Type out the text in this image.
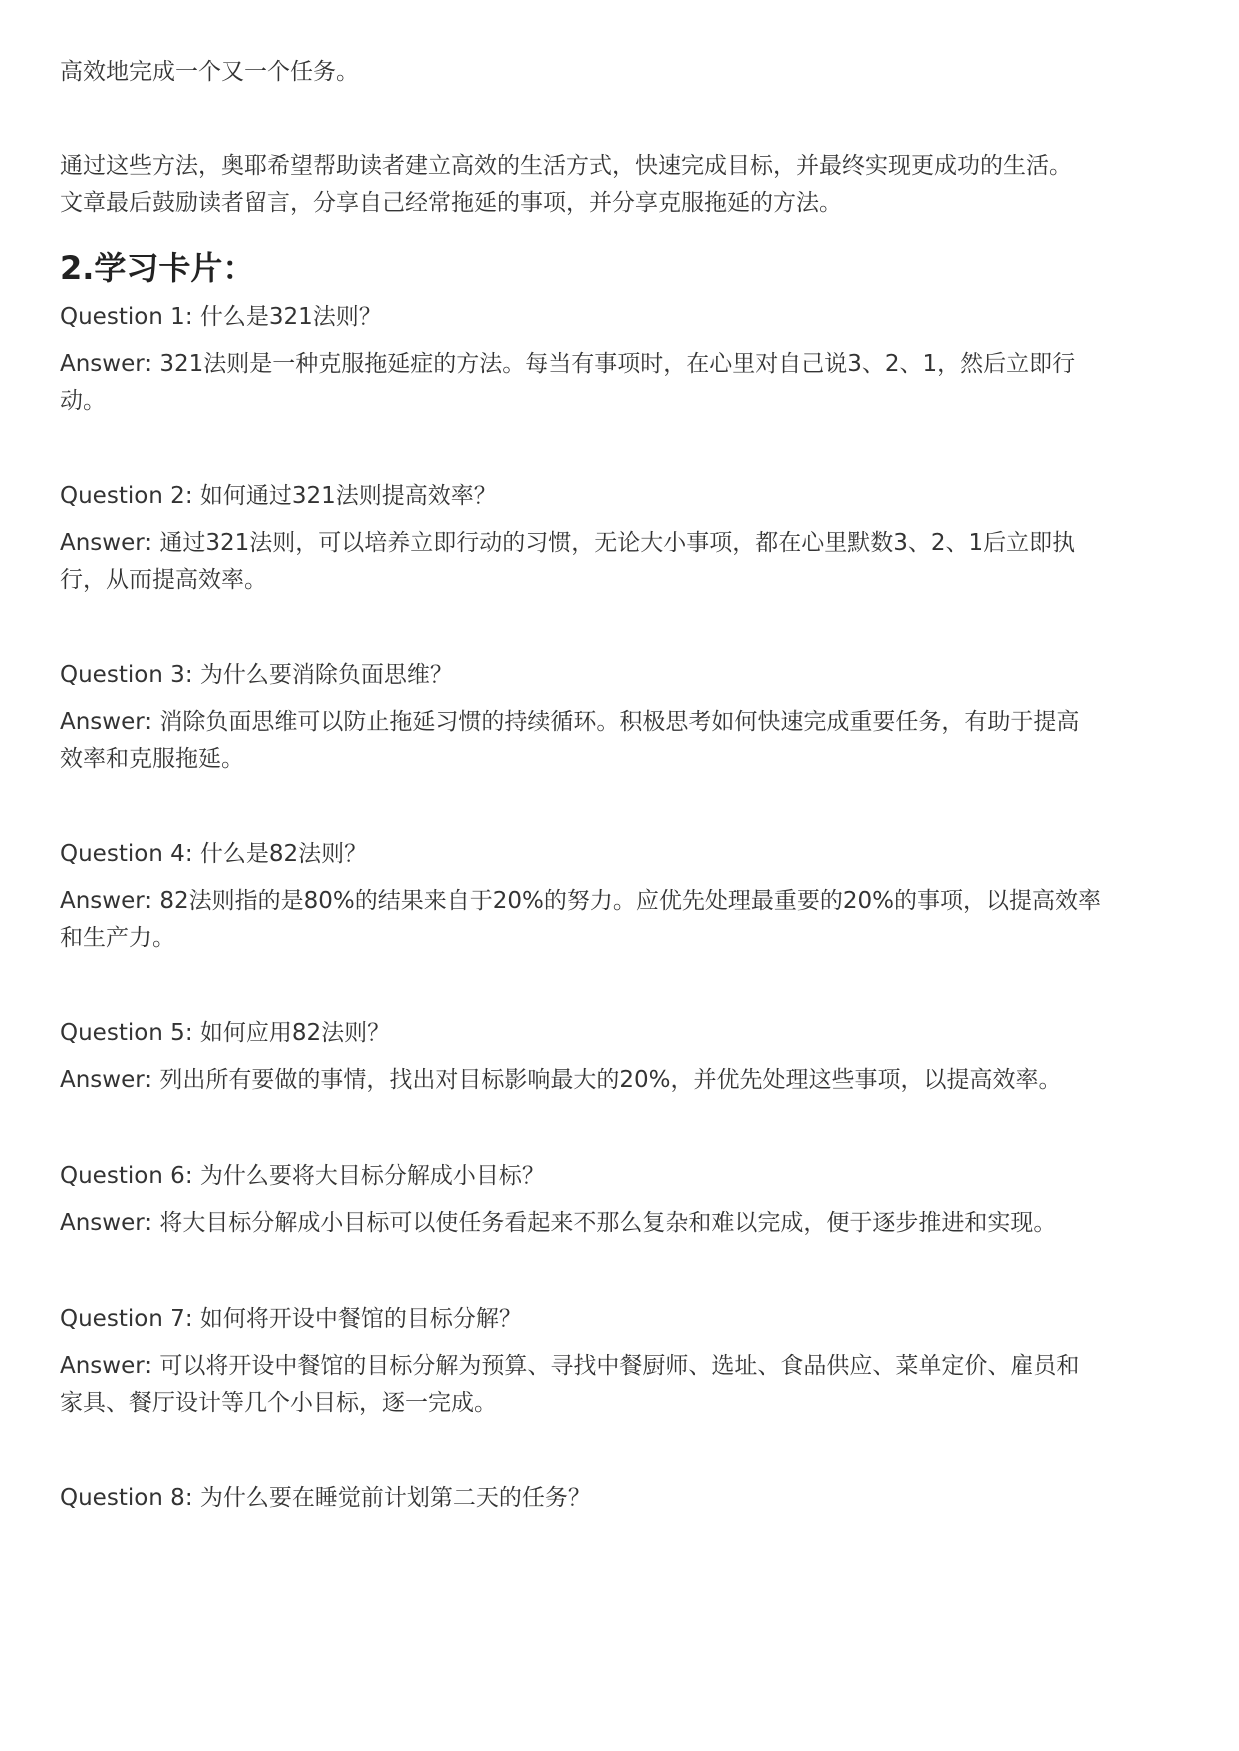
高效地完成一个又一个任务。

通过这些方法，奥耶希望帮助读者建立高效的生活方式，快速完成目标，并最终实现更成功的生活。

文章最后鼓励读者留言，分享自己经常拖延的事项，并分享克服拖延的方法。

2.学习卡片：

Question 1: 什么是321法则？

Answer: 321法则是一种克服拖延症的方法。每当有事项时，在心里对自己说3、2、1，然后立即行

动。

Question 2: 如何通过321法则提高效率？

Answer: 通过321法则，可以培养立即行动的习惯，无论大小事项，都在心里默数3、2、1后立即执

行，从而提高效率。

Question 3: 为什么要消除负面思维？

Answer: 消除负面思维可以防止拖延习惯的持续循环。积极思考如何快速完成重要任务，有助于提高

效率和克服拖延。

Question 4: 什么是82法则？

Answer: 82法则指的是80%的结果来自于20%的努力。应优先处理最重要的20%的事项，以提高效率

和生产力。

Question 5: 如何应用82法则？

Answer: 列出所有要做的事情，找出对目标影响最大的20%，并优先处理这些事项，以提高效率。

Question 6: 为什么要将大目标分解成小目标？

Answer: 将大目标分解成小目标可以使任务看起来不那么复杂和难以完成，便于逐步推进和实现。

Question 7: 如何将开设中餐馆的目标分解？

Answer: 可以将开设中餐馆的目标分解为预算、寻找中餐厨师、选址、食品供应、菜单定价、雇员和

家具、餐厅设计等几个小目标，逐一完成。

Question 8: 为什么要在睡觉前计划第二天的任务？
